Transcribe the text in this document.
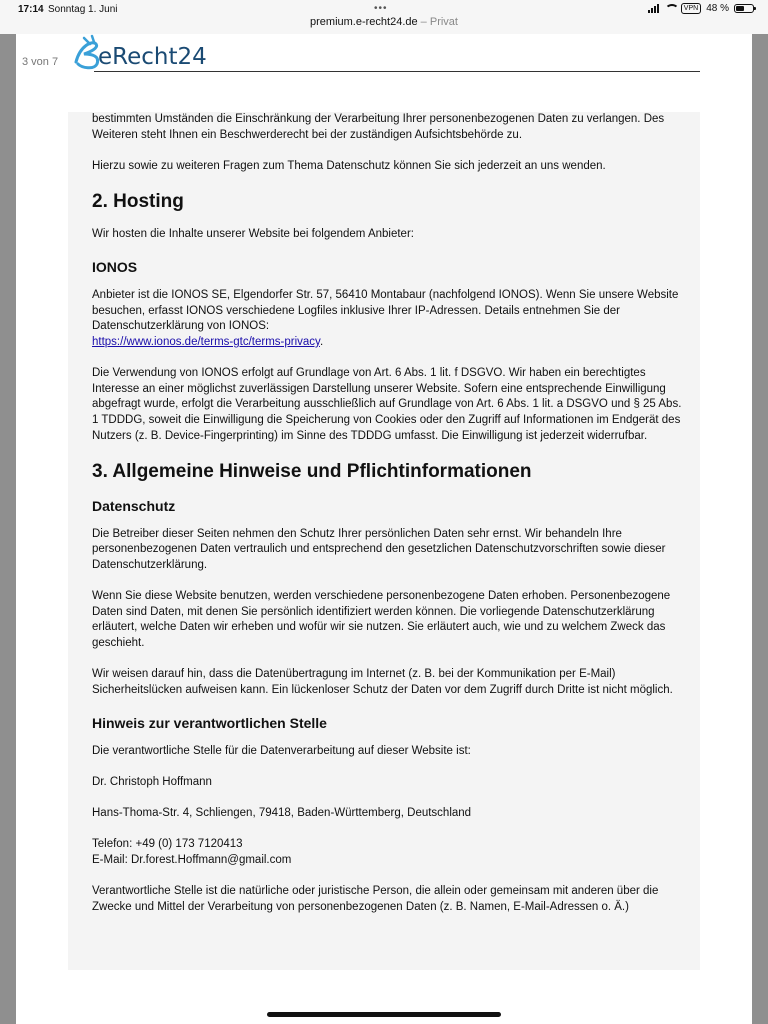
17:14 Sonntag 1. Juni	•••	VPN 48 %
premium.e-recht24.de – Privat
3 von 7 eRecht24

bestimmten Umständen die Einschränkung der Verarbeitung Ihrer personenbezogenen Daten zu verlangen. Des Weiteren steht Ihnen ein Beschwerderecht bei der zuständigen Aufsichtsbehörde zu.

Hierzu sowie zu weiteren Fragen zum Thema Datenschutz können Sie sich jederzeit an uns wenden.

2. Hosting

Wir hosten die Inhalte unserer Website bei folgendem Anbieter:

IONOS

Anbieter ist die IONOS SE, Elgendorfer Str. 57, 56410 Montabaur (nachfolgend IONOS). Wenn Sie unsere Website besuchen, erfasst IONOS verschiedene Logfiles inklusive Ihrer IP-Adressen. Details entnehmen Sie der Datenschutzerklärung von IONOS:
https://www.ionos.de/terms-gtc/terms-privacy.

Die Verwendung von IONOS erfolgt auf Grundlage von Art. 6 Abs. 1 lit. f DSGVO. Wir haben ein berechtigtes Interesse an einer möglichst zuverlässigen Darstellung unserer Website. Sofern eine entsprechende Einwilligung abgefragt wurde, erfolgt die Verarbeitung ausschließlich auf Grundlage von Art. 6 Abs. 1 lit. a DSGVO und § 25 Abs. 1 TDDDG, soweit die Einwilligung die Speicherung von Cookies oder den Zugriff auf Informationen im Endgerät des Nutzers (z. B. Device-Fingerprinting) im Sinne des TDDDG umfasst. Die Einwilligung ist jederzeit widerrufbar.

3. Allgemeine Hinweise und Pflichtinformationen
Datenschutz

Die Betreiber dieser Seiten nehmen den Schutz Ihrer persönlichen Daten sehr ernst. Wir behandeln Ihre personenbezogenen Daten vertraulich und entsprechend den gesetzlichen Datenschutzvorschriften sowie dieser Datenschutzerklärung.

Wenn Sie diese Website benutzen, werden verschiedene personenbezogene Daten erhoben. Personenbezogene Daten sind Daten, mit denen Sie persönlich identifiziert werden können. Die vorliegende Datenschutzerklärung erläutert, welche Daten wir erheben und wofür wir sie nutzen. Sie erläutert auch, wie und zu welchem Zweck das geschieht.

Wir weisen darauf hin, dass die Datenübertragung im Internet (z. B. bei der Kommunikation per E-Mail) Sicherheitslücken aufweisen kann. Ein lückenloser Schutz der Daten vor dem Zugriff durch Dritte ist nicht möglich.

Hinweis zur verantwortlichen Stelle

Die verantwortliche Stelle für die Datenverarbeitung auf dieser Website ist:

Dr. Christoph Hoffmann

Hans-Thoma-Str. 4, Schliengen, 79418, Baden-Württemberg, Deutschland

Telefon: +49 (0) 173 7120413
E-Mail: Dr.forest.Hoffmann@gmail.com

Verantwortliche Stelle ist die natürliche oder juristische Person, die allein oder gemeinsam mit anderen über die Zwecke und Mittel der Verarbeitung von personenbezogenen Daten (z. B. Namen, E-Mail-Adressen o. Ä.)
